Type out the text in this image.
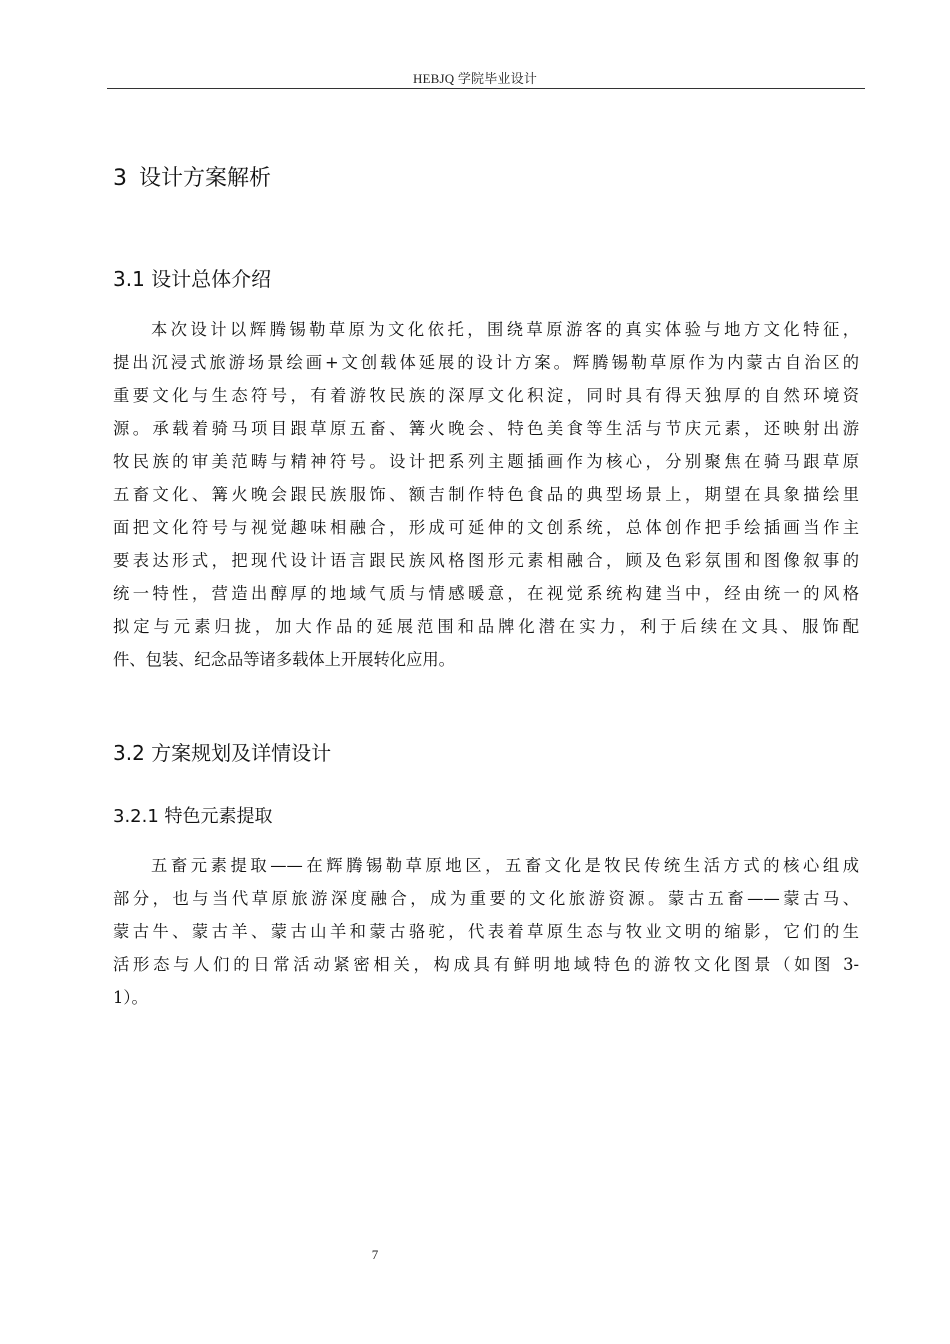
HEBJQ 学院毕业设计
3 设计方案解析
3.1 设计总体介绍
本次设计以辉腾锡勒草原为文化依托，围绕草原游客的真实体验与地方文化特征，
提出沉浸式旅游场景绘画+文创载体延展的设计方案。辉腾锡勒草原作为内蒙古自治区的
重要文化与生态符号，有着游牧民族的深厚文化积淀，同时具有得天独厚的自然环境资
源。承载着骑马项目跟草原五畜、篝火晚会、特色美食等生活与节庆元素，还映射出游
牧民族的审美范畴与精神符号。设计把系列主题插画作为核心，分别聚焦在骑马跟草原
五畜文化、篝火晚会跟民族服饰、额吉制作特色食品的典型场景上，期望在具象描绘里
面把文化符号与视觉趣味相融合，形成可延伸的文创系统，总体创作把手绘插画当作主
要表达形式，把现代设计语言跟民族风格图形元素相融合，顾及色彩氛围和图像叙事的
统一特性，营造出醇厚的地域气质与情感暖意，在视觉系统构建当中，经由统一的风格
拟定与元素归拢，加大作品的延展范围和品牌化潜在实力，利于后续在文具、服饰配
件、包装、纪念品等诸多载体上开展转化应用。
3.2 方案规划及详情设计
3.2.1 特色元素提取
五畜元素提取——在辉腾锡勒草原地区，五畜文化是牧民传统生活方式的核心组成
部分，也与当代草原旅游深度融合，成为重要的文化旅游资源。蒙古五畜——蒙古马、
蒙古牛、蒙古羊、蒙古山羊和蒙古骆驼，代表着草原生态与牧业文明的缩影，它们的生
活形态与人们的日常活动紧密相关，构成具有鲜明地域特色的游牧文化图景（如图 3-
1）。
7
